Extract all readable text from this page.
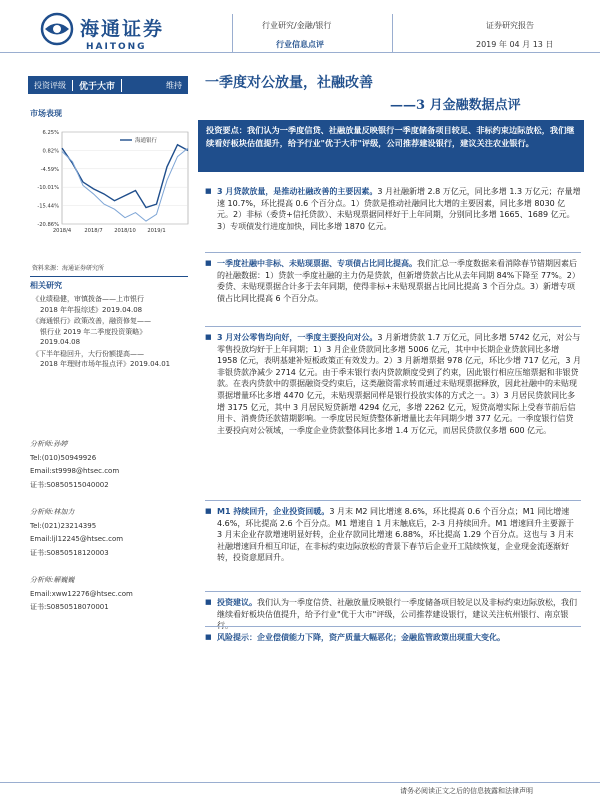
海通证券
HAITONG
行业研究/金融/银行
行业信息点评
证券研究报告
2019 年 04 月 13 日
投资评级	优于大市	维持	一季度对公放量，社融改善
——3 月金融数据点评
市场表现
6.25%
0.82%
-4.59%
-10.01%
-15.44%
-20.86%
2018/4	2018/7 2018/10 2019/1
海通银行
资料来源：海通证券研究所
相关研究
《业绩稳健，审慎拨备——上市银行
2018 年年报综述》2019.04.08
《海通银行》政策改善，融资修复——
银行业 2019 年二季度投资策略》
2019.04.08
《下半年稳回升，大行份额提高——
2018 年理财市场年报点评》2019.04.01
分析师:孙婷
Tel:(010)50949926
Email:st9998@htsec.com
证书:S0850515040002
分析师:林加力
Tel:(021)23214395
Email:ljl12245@htsec.com
证书:S0850518120003
分析师:解巍巍
Email:xww12276@htsec.com
证书:S0850518070001
投资要点：我们认为一季度信贷、社融放量反映银行一季度储备项目较足、非标约束边际放松，我们继续看好板块估值提升，给予行业"优于大市"评级，公司推荐建设银行，建议关注农业银行。
■ 3 月贷款放量，是推动社融改善的主要因素。3 月社融新增 2.8 万亿元，同比多增 1.3 万亿元；存量增速 10.7%，环比提高 0.6 个百分点。1）贷款是推动社融同比大增的主要因素，同比多增 8030 亿元。2）非标（委贷+信托贷款）、未贴现票据同样好于上年同期，分别同比多增 1665、1689 亿元。3）专项债发行进度加快，同比多增 1870 亿元。
■ 一季度社融中非标、未贴现票据、专项债占比同比提高。我们汇总一季度数据来看消除春节错期因素后的社融数据：1）贷款一季度社融的主力仍是贷款，但新增贷款占比从去年同期 84%下降至 77%。2）委贷、未贴现票据合计多于去年同期，使得非标+未贴现票据占比同比提高 3 个百分点。3）新增专项债占比同比提高 6 个百分点。
■ 3 月对公零售均向好，一季度主要投向对公。3 月新增贷款 1.7 万亿元，同比多增 5742 亿元，对公与零售投放均好于上年同期；1）3 月企业贷款同比多增 5006 亿元，其中中长期企业贷款同比多增 1958 亿元，表明基建补短板政策正有效发力。2）3 月新增票据 978 亿元，环比少增 717 亿元，3 月非银贷款净减少 2714 亿元。由于季末银行表内贷款额度受到了约束，因此银行相应压缩票据和非银贷款。在表内贷款中的票据融资受约束后，这类融资需求转而通过未贴现票据释放，因此社融中的未贴现票据增量环比多增 4470 亿元，未贴现票据同样是银行投放实体的方式之一。3）3 月居民贷款同比多增 3175 亿元，其中 3 月居民短贷新增 4294 亿元，多增 2262 亿元，短贷高增实际上受春节前后信用卡、消费贷还款错期影响。一季度居民短贷整体新增量比去年同期少增 377 亿元。一季度银行信贷主要投向对公领域，一季度企业贷款整体同比多增 1.4 万亿元，而居民贷款仅多增 600 亿元。
■ M1 持续回升，企业投资回暖。3 月末 M2 同比增速 8.6%，环比提高 0.6 个百分点；M1 同比增速 4.6%，环比提高 2.6 个百分点。M1 增速自 1 月末触底后，2-3 月持续回升。M1 增速回升主要源于 3 月末企业存款增速明显好转，企业存款同比增速 6.88%，环比提高 1.29 个百分点。这也与 3 月末社融增速回升相互印证，在非标约束边际放松的背景下春节后企业开工陆续恢复，企业现金流逐渐好转，投资意愿回升。
■ 投资建议。我们认为一季度信贷、社融放量反映银行一季度储备项目较足以及非标约束边际放松，我们继续看好板块估值提升，给予行业"优于大市"评级，公司推荐建设银行，建议关注杭州银行、南京银
■ 风险提示：企业偿债能力下降，资产质量大幅恶化；金融监管政策出现重大变化。
请务必阅读正文之后的信息披露和法律声明
